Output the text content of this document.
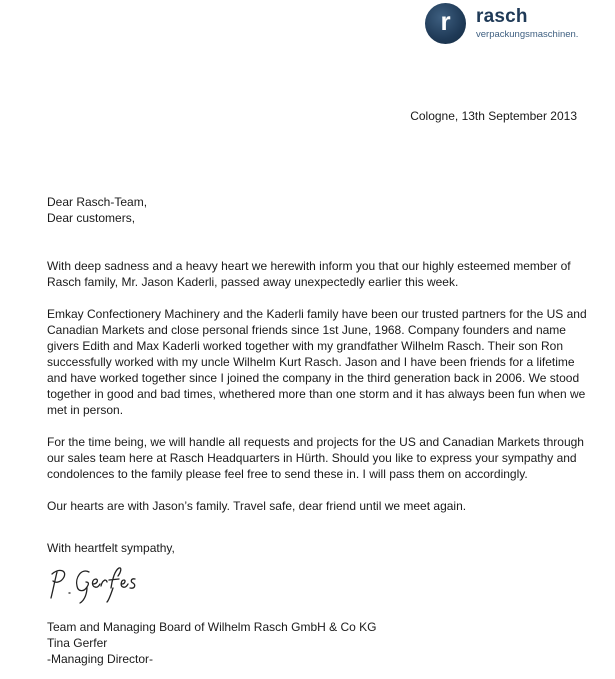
r	rasch
verpackungsmaschinen.
Cologne, 13th September 2013
Dear Rasch-Team,
Dear customers,

With deep sadness and a heavy heart we herewith inform you that our highly esteemed member of Rasch family, Mr. Jason Kaderli, passed away unexpectedly earlier this week.

Emkay Confectionery Machinery and the Kaderli family have been our trusted partners for the US and Canadian Markets and close personal friends since 1st June, 1968. Company founders and name givers Edith and Max Kaderli worked together with my grandfather Wilhelm Rasch. Their son Ron successfully worked with my uncle Wilhelm Kurt Rasch. Jason and I have been friends for a lifetime and have worked together since I joined the company in the third generation back in 2006. We stood together in good and bad times, whethered more than one storm and it has always been fun when we met in person.

For the time being, we will handle all requests and projects for the US and Canadian Markets through our sales team here at Rasch Headquarters in Hürth. Should you like to express your sympathy and condolences to the family please feel free to send these in. I will pass them on accordingly.

Our hearts are with Jason’s family. Travel safe, dear friend until we meet again.

With heartfelt sympathy,
Team and Managing Board of Wilhelm Rasch GmbH & Co KG
Tina Gerfer
-Managing Director-
